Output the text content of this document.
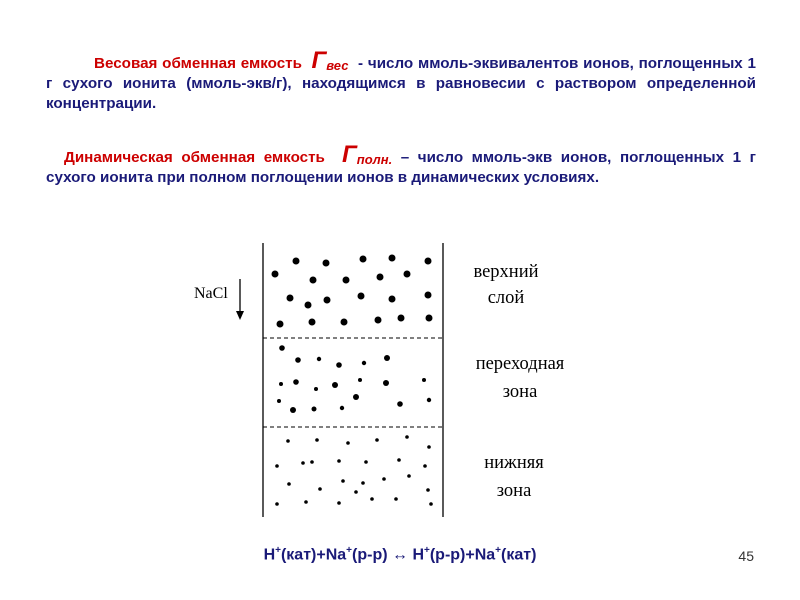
Весовая обменная емкость $Г_{вес}$ - число ммоль-эквивалентов ионов, поглощенных 1 г сухого ионита (ммоль-экв/г), находящимся в равновесии с раствором определенной концентрации.
Динамическая обменная емкость $Г_{полн.}$ – число ммоль-экв ионов, поглощенных 1 г сухого ионита при полном поглощении ионов в динамических условиях.
NaCl
верхний
слой
переходная
зона
нижняя
зона
H+(кат)+Na+(р-р) ↔ H+(р-р)+Na+(кат)	45
